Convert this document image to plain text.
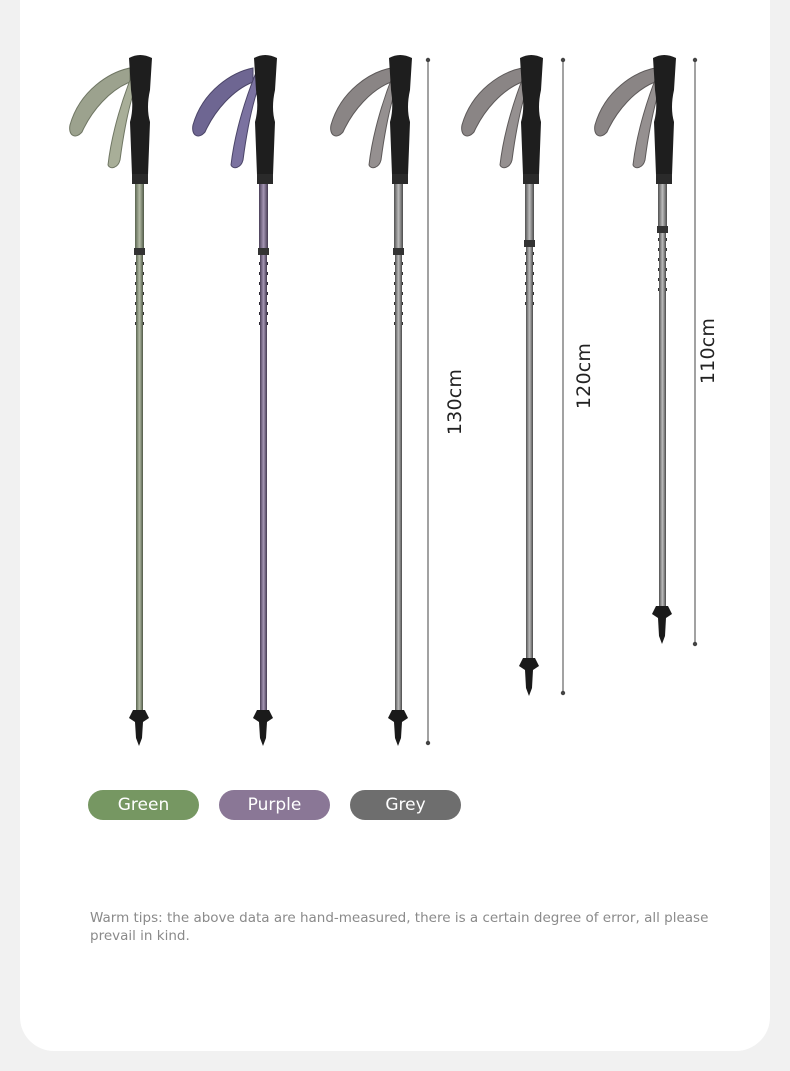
130cm	120cm	110cm
Green	Purple	Grey
Warm tips: the above data are hand-measured, there is a certain degree of error, all please prevail in kind.
